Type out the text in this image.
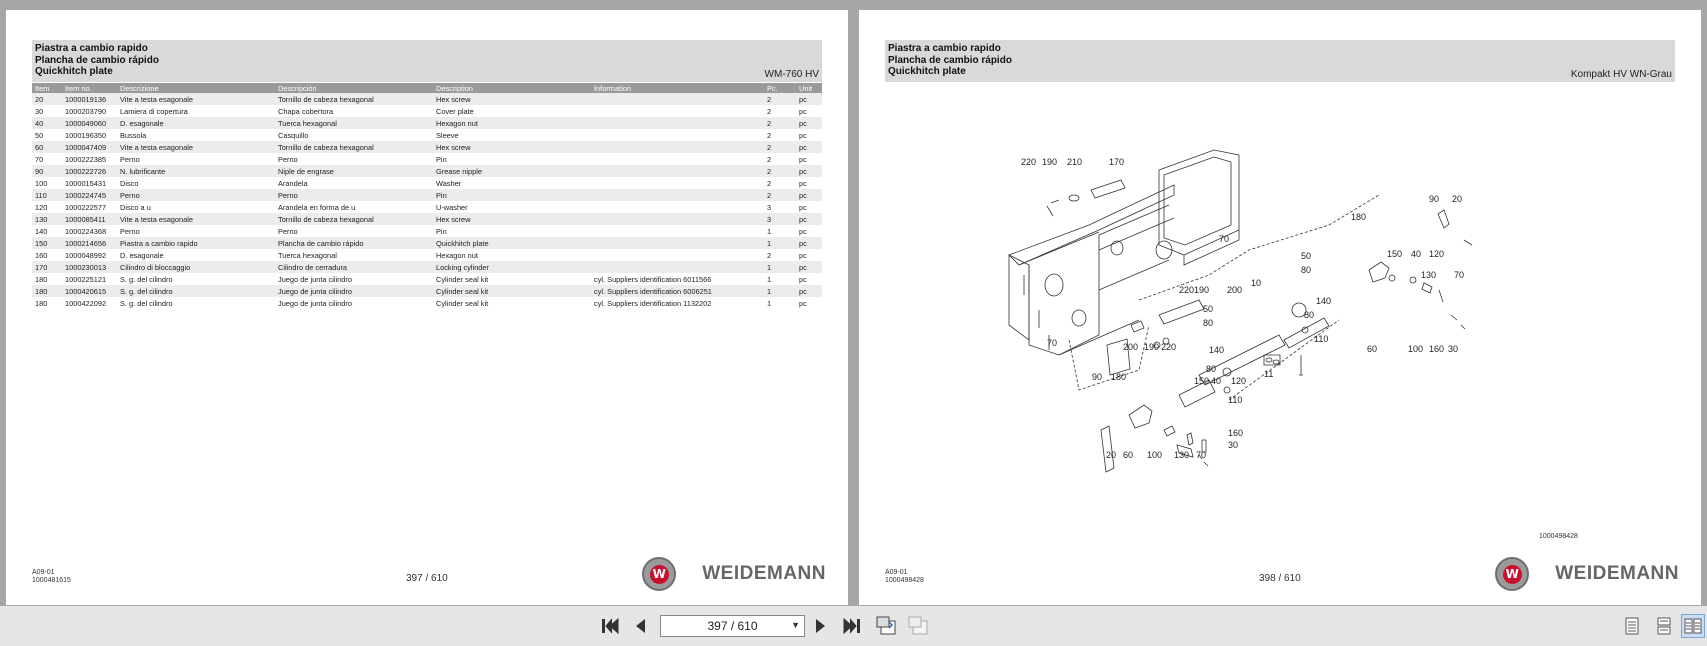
Piastra a cambio rapido
Plancha de cambio rápido
Quickhitch plate	WM-760 HV
Item	Item no.	Descrizione	Descripción	Description	Information	Pc.	Unit
20	1000019136	Vite a testa esagonale	Tornillo de cabeza hexagonal	Hex screw		2	pc
30	1000203790	Lamiera di copertura	Chapa cobertora	Cover plate		2	pc
40	1000049060	D. esagonale	Tuerca hexagonal	Hexagon nut		2	pc
50	1000196350	Bussola	Casquillo	Sleeve		2	pc
60	1000047409	Vite a testa esagonale	Tornillo de cabeza hexagonal	Hex screw		2	pc
70	1000222385	Perno	Perno	Pin		2	pc
90	1000222726	N. lubrificante	Niple de engrase	Grease nipple		2	pc
100	1000015431	Disco	Arandela	Washer		2	pc
110	1000224745	Perno	Perno	Pin		2	pc
120	1000222577	Disco a u	Arandela en forma de u	U-washer		3	pc
130	1000085411	Vite a testa esagonale	Tornillo de cabeza hexagonal	Hex screw		3	pc
140	1000224368	Perno	Perno	Pin		1	pc
150	1000214656	Piastra a cambio rapido	Plancha de cambio rápido	Quickhitch plate		1	pc
160	1000048992	D. esagonale	Tuerca hexagonal	Hexagon nut		2	pc
170	1000230013	Cilindro di bloccaggio	Cilindro de cerradura	Locking cylinder		1	pc
180	1000225121	S. g. del cilindro	Juego de junta cilindro	Cylinder seal kit	cyl. Suppliers identification 6011566	1	pc
180	1000420615	S. g. del cilindro	Juego de junta cilindro	Cylinder seal kit	cyl. Suppliers identification 6006251	1	pc
180	1000422092	S. g. del cilindro	Juego de junta cilindro	Cylinder seal kit	cyl. Suppliers identification 1132202	1	pc
A09-01
1000481615	397 / 610	W WEIDEMANN
Piastra a cambio rapido
Plancha de cambio rápido
Quickhitch plate	Kompakt HV WN-Grau
220 190 210	170
70
90 20
180
50
80
140
150 40 120
130 70
2201 90 200
10
50
80
80
110
60	100 160 30
70	200 190 220	140
11
80
90 180	150 40 120
110
160
30
20 60 100 130 70
1000498428
A09-01
1000498428	398 / 610	W WEIDEMANN
397 / 610	▼
